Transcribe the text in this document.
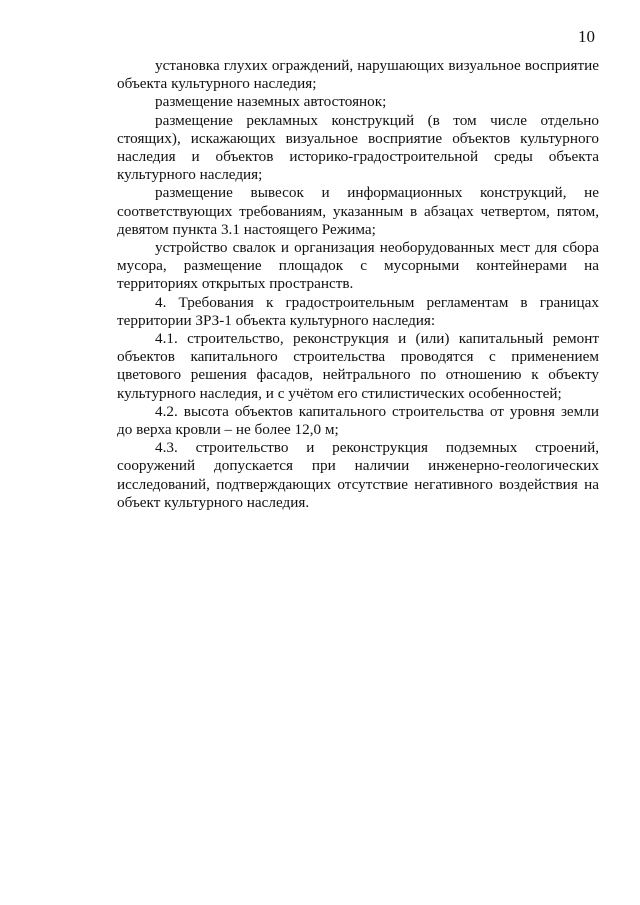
10

установка глухих ограждений, нарушающих визуальное восприятие объекта культурного наследия;

размещение наземных автостоянок;

размещение рекламных конструкций (в том числе отдельно стоящих), искажающих визуальное восприятие объектов культурного наследия и объектов историко-градостроительной среды объекта культурного наследия;

размещение вывесок и информационных конструкций, не соответствующих требованиям, указанным в абзацах четвертом, пятом, девятом пункта 3.1 настоящего Режима;

устройство свалок и организация необорудованных мест для сбора мусора, размещение площадок с мусорными контейнерами на территориях открытых пространств.

4. Требования к градостроительным регламентам в границах территории ЗРЗ-1 объекта культурного наследия:

4.1. строительство, реконструкция и (или) капитальный ремонт объектов капитального строительства проводятся с применением цветового решения фасадов, нейтрального по отношению к объекту культурного наследия, и с учётом его стилистических особенностей;

4.2. высота объектов капитального строительства от уровня земли до верха кровли – не более 12,0 м;

4.3. строительство и реконструкция подземных строений, сооружений допускается при наличии инженерно-геологических исследований, подтверждающих отсутствие негативного воздействия на объект культурного наследия.
